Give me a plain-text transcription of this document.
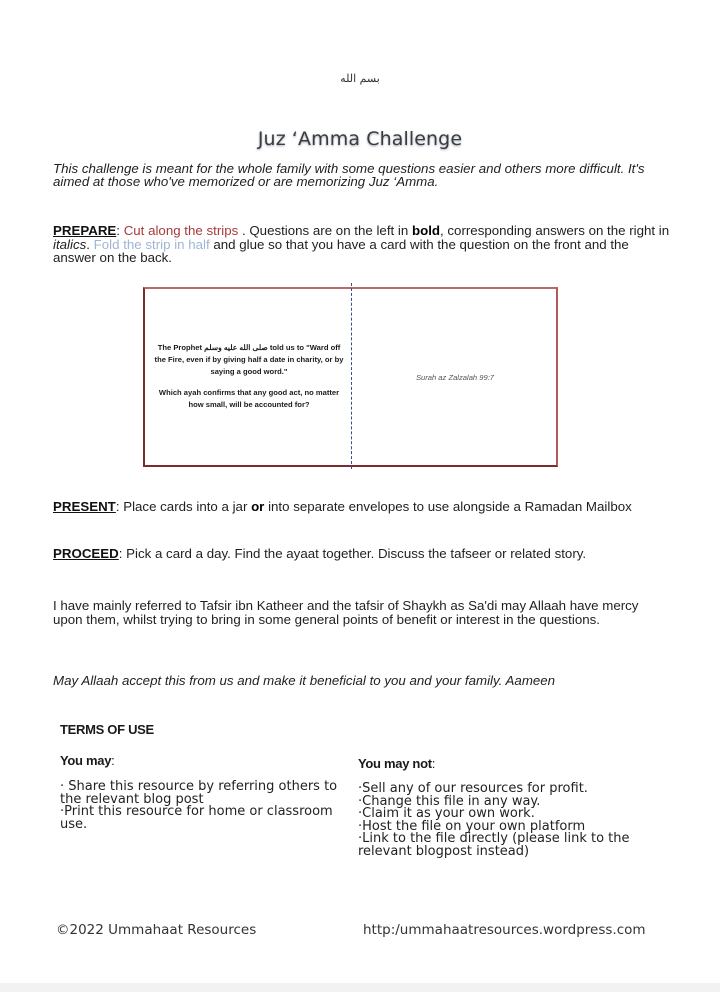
بسم الله
Juz ‘Amma Challenge
This challenge is meant for the whole family with some questions easier and others more difficult. It's aimed at those who've memorized or are memorizing Juz ‘Amma.
PREPARE: Cut along the strips . Questions are on the left in bold, corresponding answers on the right in italics. Fold the strip in half and glue so that you have a card with the question on the front and the answer on the back.

The Prophet صلى الله عليه وسلم told us to "Ward off the Fire, even if by giving half a date in charity, or by saying a good word."

Which ayah confirms that any good act, no matter how small, will be accounted for?

Surah az Zalzalah 99:7
PRESENT: Place cards into a jar or into separate envelopes to use alongside a Ramadan Mailbox
PROCEED: Pick a card a day. Find the ayaat together. Discuss the tafseer or related story.
I have mainly referred to Tafsir ibn Katheer and the tafsir of Shaykh as Sa'di may Allaah have mercy upon them, whilst trying to bring in some general points of benefit or interest in the questions.
May Allaah accept this from us and make it beneficial to you and your family. Aameen
TERMS OF USE
You may:
· Share this resource by referring others to
the relevant blog post
·Print this resource for home or classroom
use.
You may not:
·Sell any of our resources for profit.
·Change this file in any way.
·Claim it as your own work.
·Host the file on your own platform
·Link to the file directly (please link to the
relevant blogpost instead)
©2022 Ummahaat Resources	http:/ummahaatresources.wordpress.com
